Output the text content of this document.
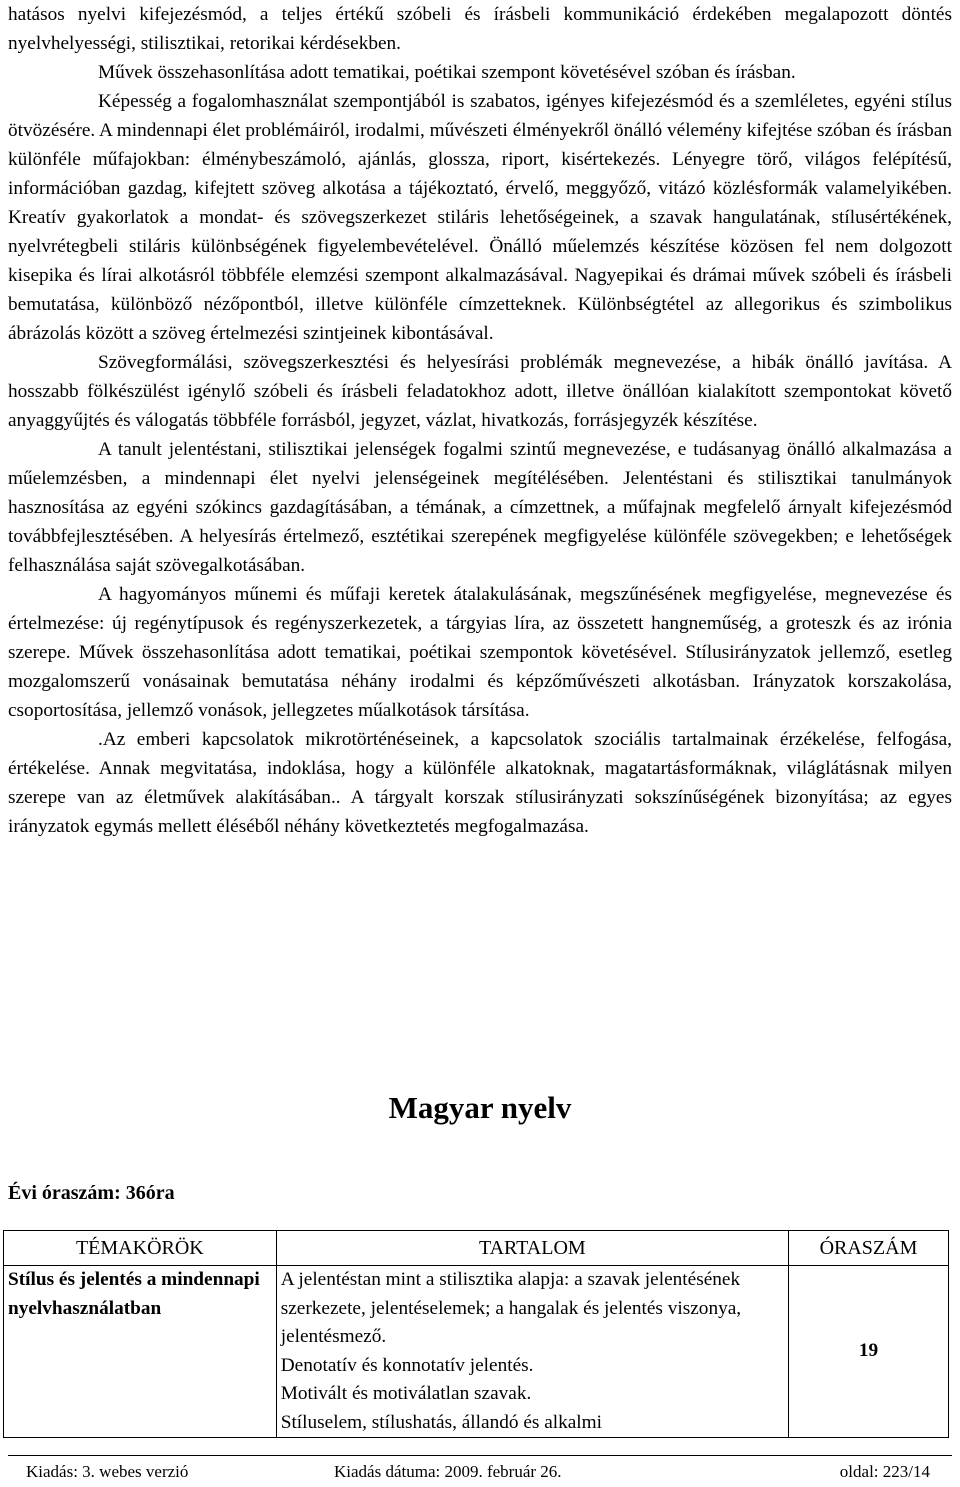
hatásos nyelvi kifejezésmód, a teljes értékű szóbeli és írásbeli kommunikáció érdekében megalapozott döntés nyelvhelyességi, stilisztikai, retorikai kérdésekben.

Művek összehasonlítása adott tematikai, poétikai szempont követésével szóban és írásban.

Képesség a fogalomhasználat szempontjából is szabatos, igényes kifejezésmód és a szemléletes, egyéni stílus ötvözésére. A mindennapi élet problémáiról, irodalmi, művészeti élményekről önálló vélemény kifejtése szóban és írásban különféle műfajokban: élménybeszámoló, ajánlás, glossza, riport, kisértekezés. Lényegre törő, világos felépítésű, információban gazdag, kifejtett szöveg alkotása a tájékoztató, érvelő, meggyőző, vitázó közlésformák valamelyikében. Kreatív gyakorlatok a mondat- és szövegszerkezet stiláris lehetőségeinek, a szavak hangulatának, stílusértékének, nyelvrétegbeli stiláris különbségének figyelembevételével. Önálló műelemzés készítése közösen fel nem dolgozott kisepika és lírai alkotásról többféle elemzési szempont alkalmazásával. Nagyepikai és drámai művek szóbeli és írásbeli bemutatása, különböző nézőpontból, illetve különféle címzetteknek. Különbségtétel az allegorikus és szimbolikus ábrázolás között a szöveg értelmezési szintjeinek kibontásával.

Szövegformálási, szövegszerkesztési és helyesírási problémák megnevezése, a hibák önálló javítása. A hosszabb fölkészülést igénylő szóbeli és írásbeli feladatokhoz adott, illetve önállóan kialakított szempontokat követő anyaggyűjtés és válogatás többféle forrásból, jegyzet, vázlat, hivatkozás, forrásjegyzék készítése.

A tanult jelentéstani, stilisztikai jelenségek fogalmi szintű megnevezése, e tudásanyag önálló alkalmazása a műelemzésben, a mindennapi élet nyelvi jelenségeinek megítélésében. Jelentéstani és stilisztikai tanulmányok hasznosítása az egyéni szókincs gazdagításában, a témának, a címzettnek, a műfajnak megfelelő árnyalt kifejezésmód továbbfejlesztésében. A helyesírás értelmező, esztétikai szerepének megfigyelése különféle szövegekben; e lehetőségek felhasználása saját szövegalkotásában.

A hagyományos műnemi és műfaji keretek átalakulásának, megszűnésének megfigyelése, megnevezése és értelmezése: új regénytípusok és regényszerkezetek, a tárgyias líra, az összetett hangneműség, a groteszk és az irónia szerepe. Művek összehasonlítása adott tematikai, poétikai szempontok követésével. Stílusirányzatok jellemző, esetleg mozgalomszerű vonásainak bemutatása néhány irodalmi és képzőművészeti alkotásban. Irányzatok korszakolása, csoportosítása, jellemző vonások, jellegzetes műalkotások társítása.

.Az emberi kapcsolatok mikrotörténéseinek, a kapcsolatok szociális tartalmainak érzékelése, felfogása, értékelése. Annak megvitatása, indoklása, hogy a különféle alkatoknak, magatartásformáknak, világlátásnak milyen szerepe van az életművek alakításában.. A tárgyalt korszak stílusirányzati sokszínűségének bizonyítása; az egyes irányzatok egymás mellett éléséből néhány következtetés megfogalmazása.

Magyar nyelv
Évi óraszám: 36óra
TÉMAKÖRÖK	TARTALOM	ÓRASZÁM
Stílus és jelentés a mindennapi nyelvhasználatban	A jelentéstan mint a stilisztika alapja: a szavak jelentésének szerkezete, jelentéselemek; a hangalak és jelentés viszonya, jelentésmező.
Denotatív és konnotatív jelentés.
Motivált és motiválatlan szavak.
Stíluselem, stílushatás, állandó és alkalmi	19
Kiadás: 3. webes verzió	Kiadás dátuma: 2009. február 26.	oldal: 223/14
